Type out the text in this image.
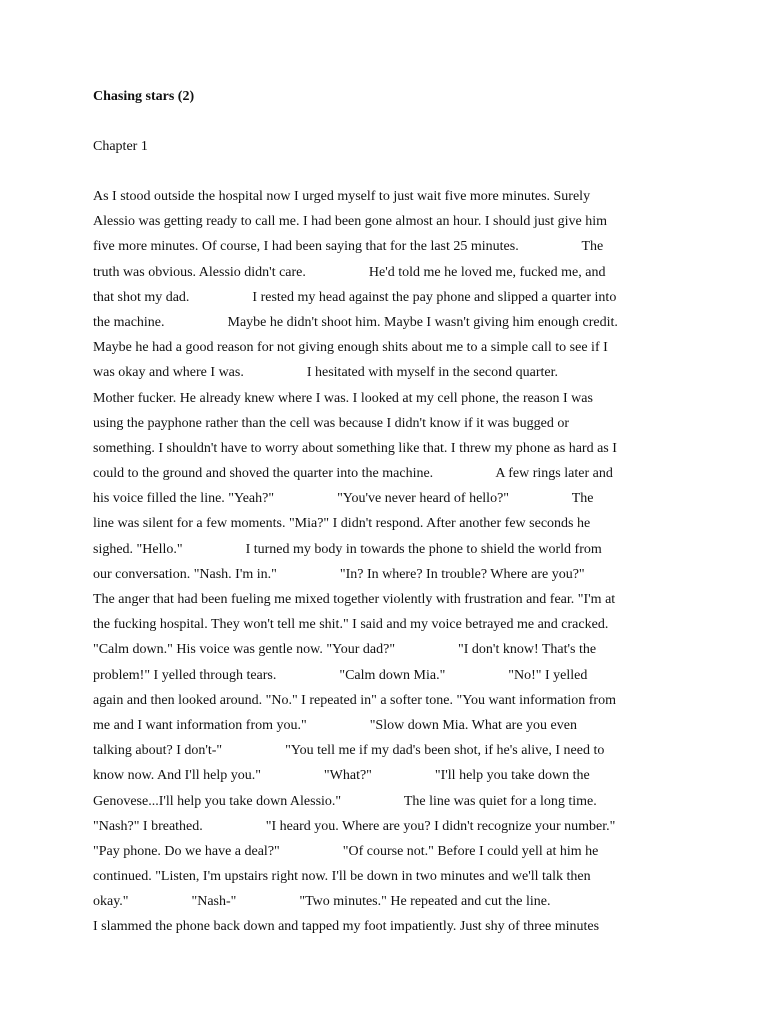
Chasing stars (2)
Chapter 1
As I stood outside the hospital now I urged myself to just wait five more minutes. Surely
Alessio was getting ready to call me. I had been gone almost an hour. I should just give him
five more minutes. Of course, I had been saying that for the last 25 minutes.                  The
truth was obvious. Alessio didn't care.                  He'd told me he loved me, fucked me, and
that shot my dad.                  I rested my head against the pay phone and slipped a quarter into
the machine.                  Maybe he didn't shoot him. Maybe I wasn't giving him enough credit.
Maybe he had a good reason for not giving enough shits about me to a simple call to see if I
was okay and where I was.                  I hesitated with myself in the second quarter.
Mother fucker. He already knew where I was. I looked at my cell phone, the reason I was
using the payphone rather than the cell was because I didn't know if it was bugged or
something. I shouldn't have to worry about something like that. I threw my phone as hard as I
could to the ground and shoved the quarter into the machine.                  A few rings later and
his voice filled the line. "Yeah?"                  "You've never heard of hello?"                  The
line was silent for a few moments. "Mia?" I didn't respond. After another few seconds he
sighed. "Hello."                  I turned my body in towards the phone to shield the world from
our conversation. "Nash. I'm in."                  "In? In where? In trouble? Where are you?"
The anger that had been fueling me mixed together violently with frustration and fear. "I'm at
the fucking hospital. They won't tell me shit." I said and my voice betrayed me and cracked.
"Calm down." His voice was gentle now. "Your dad?"                  "I don't know! That's the
problem!" I yelled through tears.                  "Calm down Mia."                  "No!" I yelled
again and then looked around. "No." I repeated in" a softer tone. "You want information from
me and I want information from you."                  "Slow down Mia. What are you even
talking about? I don't-"                  "You tell me if my dad's been shot, if he's alive, I need to
know now. And I'll help you."                  "What?"                  "I'll help you take down the
Genovese...I'll help you take down Alessio."                  The line was quiet for a long time.
"Nash?" I breathed.                  "I heard you. Where are you? I didn't recognize your number."
"Pay phone. Do we have a deal?"                  "Of course not." Before I could yell at him he
continued. "Listen, I'm upstairs right now. I'll be down in two minutes and we'll talk then
okay."                  "Nash-"                  "Two minutes." He repeated and cut the line.
I slammed the phone back down and tapped my foot impatiently. Just shy of three minutes
